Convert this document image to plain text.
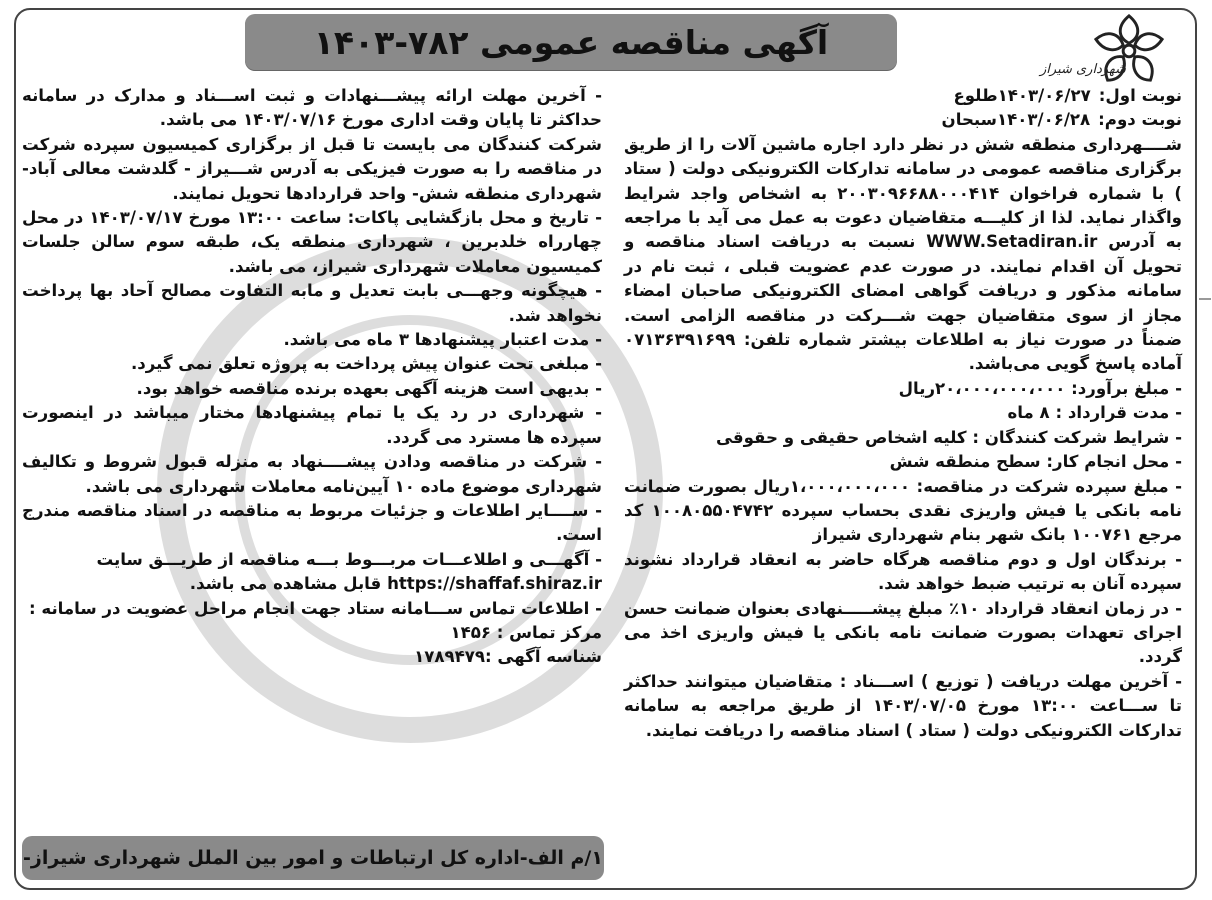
آگهی مناقصه عمومی ۷۸۲-۱۴۰۳
شهرداری شیراز
نوبت اول:
۱۴۰۳/۰۶/۲۷طلوع
نوبت دوم:
۱۴۰۳/۰۶/۲۸سبحان

شــــهرداری منطقه شش در نظر دارد اجاره ماشین آلات را از طریق برگزاری مناقصه عمومی در سامانه تدارکات الکترونیکی دولت ( ستاد ) با شماره فراخوان ۲۰۰۳۰۹۶۶۸۸۰۰۰۴۱۴ به اشخاص واجد شرایط واگذار نمايد. لذا از کلیـــه متقاضیان دعوت به عمل می آید با مراجعه به آدرس WWW.Setadiran.ir نسبت به دریافت اسناد مناقصه و تحویل آن اقدام نمایند. در صورت عدم عضویت قبلی ، ثبت نام در سامانه مذکور و دریافت گواهی امضای الکترونیکی صاحبان امضاء مجاز از سوی متقاضیان جهت شـــرکت در مناقصه الزامی است. ضمناً در صورت نیاز به اطلاعات بیشتر شماره تلفن: ۰۷۱۳۶۳۹۱۶۹۹ آماده پاسخ گویی می‌باشد.

- مبلغ برآورد: ۲۰،۰۰۰،۰۰۰،۰۰۰ریال

- مدت قرارداد : ۸ ماه

- شرایط شرکت کنندگان : کلیه اشخاص حقیقی و حقوقی

- محل انجام کار: سطح منطقه شش

- مبلغ سپرده شرکت در مناقصه: ۱،۰۰۰،۰۰۰،۰۰۰ریال بصورت ضمانت نامه بانکی یا فیش واریزی نقدی بحساب سپرده ۱۰۰۸۰۵۵۰۴۷۴۲ کد مرجع ۱۰۰۷۶۱ بانک شهر بنام شهرداری شیراز

- برندگان اول و دوم مناقصه هرگاه حاضر به انعقاد قرارداد نشوند سپرده آنان به ترتیب ضبط خواهد شد.

- در زمان انعقاد قرارداد ۱۰٪ مبلغ پیشـــــنهادی بعنوان ضمانت حسن اجرای تعهدات بصورت ضمانت نامه بانکی یا فیش واریزی اخذ می گردد.

- آخرین مهلت دریافت ( توزیع ) اســـناد : متقاضیان میتوانند حداکثر تا ســـاعت ۱۳:۰۰ مورخ ۱۴۰۳/۰۷/۰۵ از طریق مراجعه به سامانه تدارکات الکترونیکی دولت ( ستاد ) اسناد مناقصه را دریافت نمایند.

- آخرین مهلت ارائه پیشـــنهادات و ثبت اســـناد و مدارک در سامانه حداکثر تا پایان وقت اداری مورخ ۱۴۰۳/۰۷/۱۶ می باشد.

شرکت کنندگان می بایست تا قبل از برگزاری کمیسیون سپرده شرکت در مناقصه را به صورت فیزیکی به آدرس شـــیراز - گلدشت معالی آباد- شهرداری منطقه شش- واحد قراردادها تحویل نمایند.

- تاریخ و محل بازگشایی پاکات: ساعت ۱۳:۰۰ مورخ ۱۴۰۳/۰۷/۱۷ در محل چهارراه خلدبرین ، شهرداری منطقه یک، طبقه سوم سالن جلسات کمیسیون معاملات شهرداری شیراز، می باشد.

- هیچگونه وجهـــی بابت تعدیل و مابه التفاوت مصالح آحاد بها پرداخت نخواهد شد.

- مدت اعتبار پیشنهادها ۳ ماه می باشد.

- مبلغی تحت عنوان پیش پرداخت به پروژه تعلق نمی گیرد.

- بدیهی است هزینه آگهی بعهده برنده مناقصه خواهد بود.

- شهرداری در رد یک یا تمام پیشنهادها مختار میباشد در اینصورت سپرده ها مسترد می گردد.

- شرکت در مناقصه ودادن پیشــــنهاد به منزله قبول شروط و تکالیف شهرداری موضوع ماده ۱۰ آیین‌نامه معاملات شهرداری می باشد.

- ســــایر اطلاعات و جزئیات مربوط به مناقصه در اسناد مناقصه مندرج است.

- آگهـــی و اطلاعـــات مربـــوط بـــه مناقصه از طریـــق سایت

https://shaffaf.shiraz.ir قابل مشاهده می باشد.

- اطلاعات تماس ســـامانه ستاد جهت انجام مراحل عضویت در سامانه :

مرکز تماس : ۱۴۵۶

شناسه آگهی :۱۷۸۹۴۷۹

۱/م الف-اداره کل ارتباطات و امور بین الملل شهرداری شیراز-
